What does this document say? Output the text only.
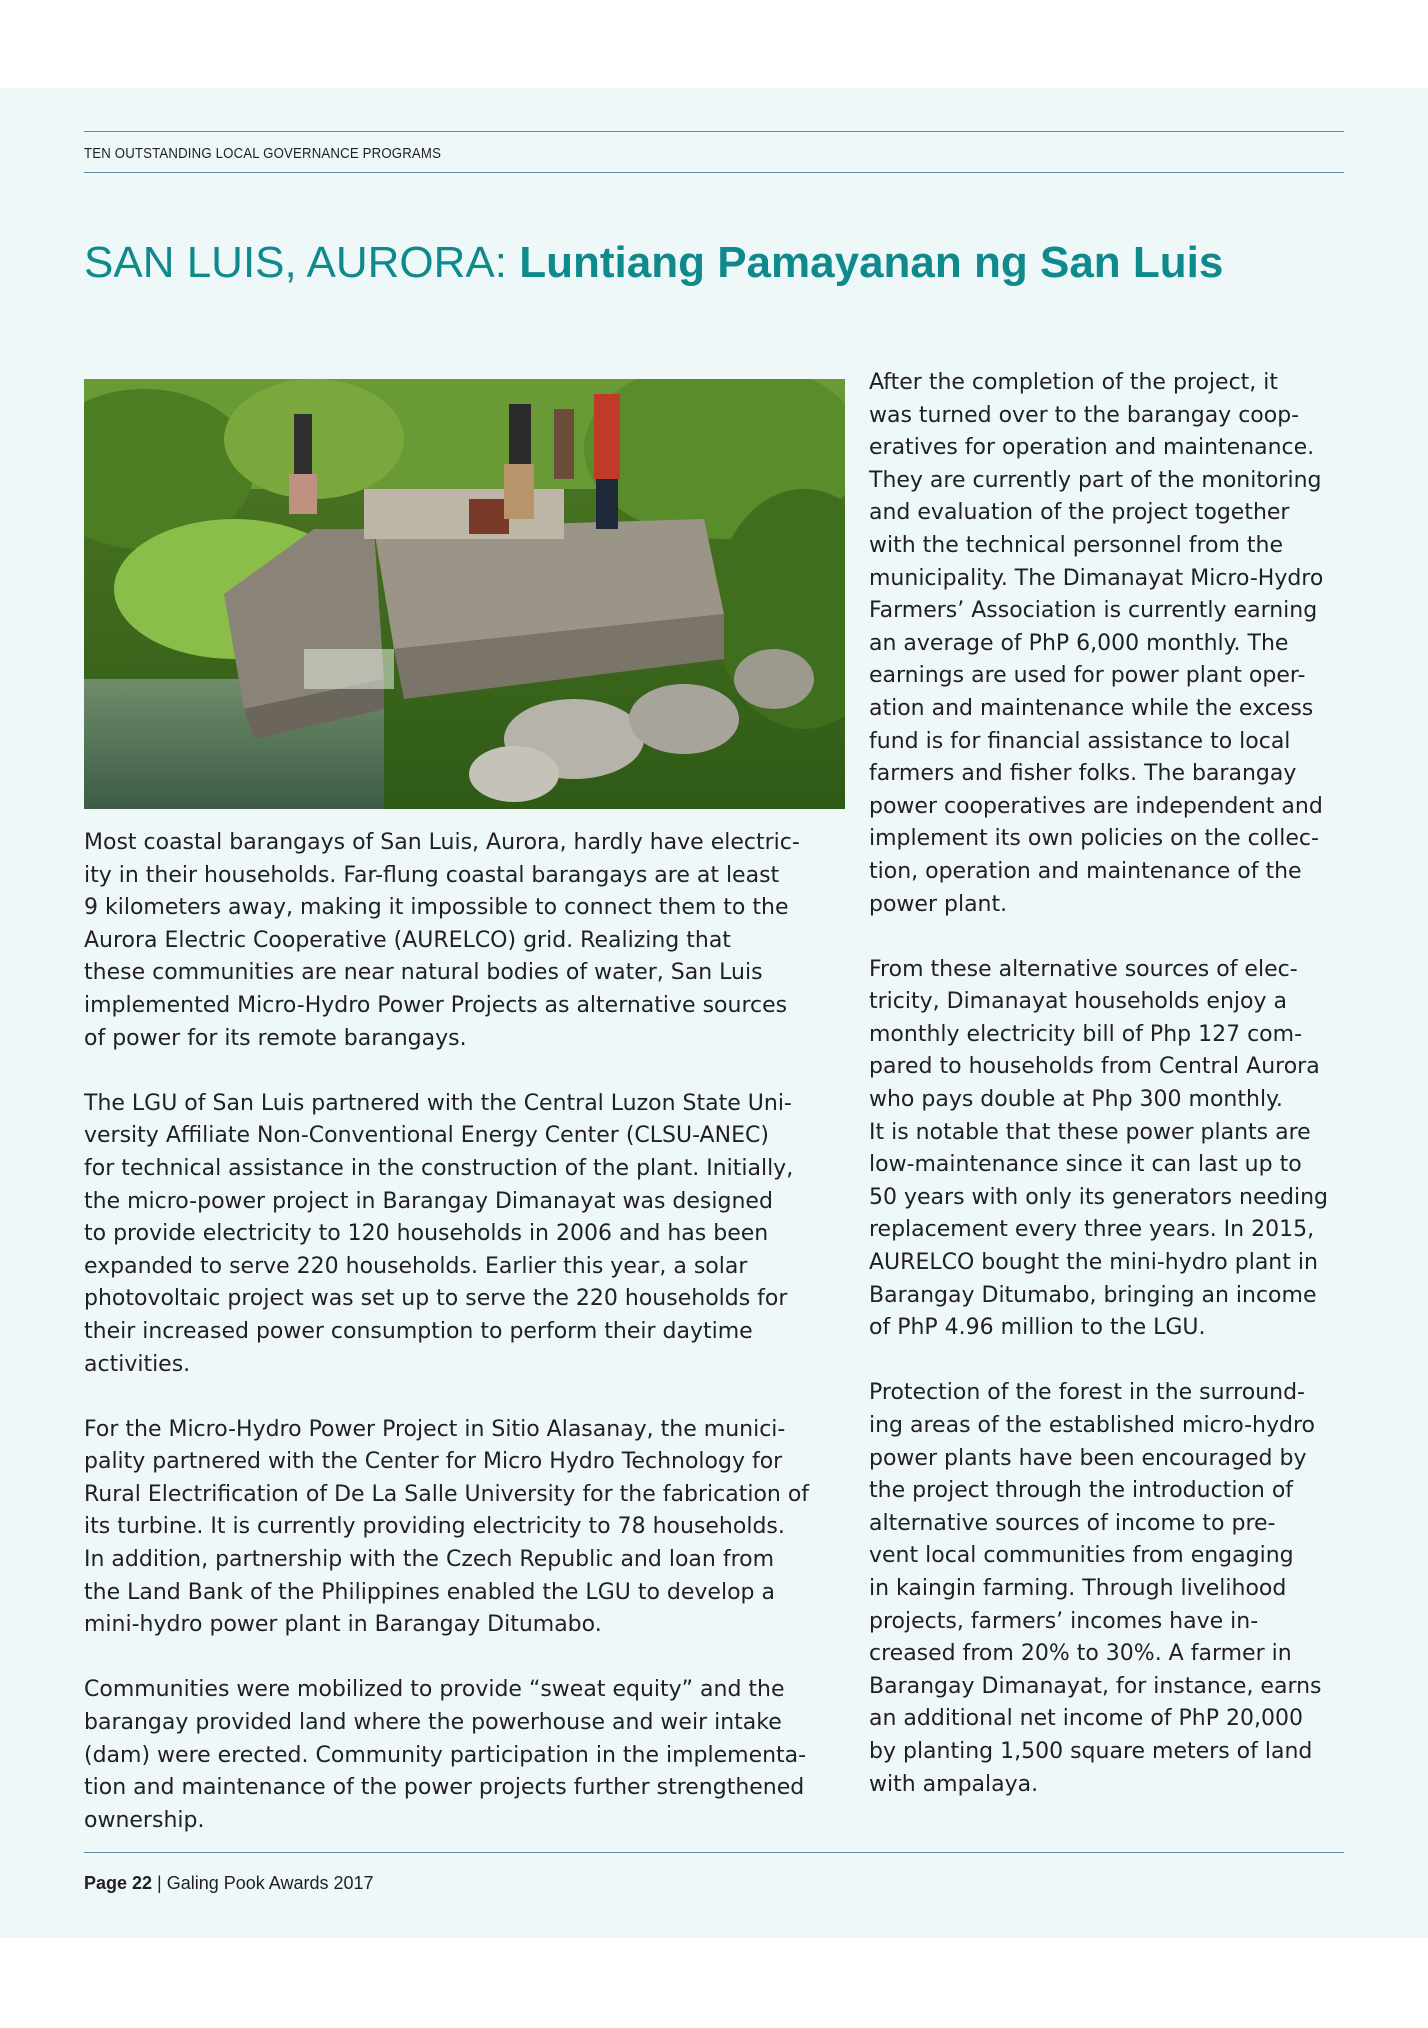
TEN OUTSTANDING LOCAL GOVERNANCE PROGRAMS
SAN LUIS, AURORA: Luntiang Pamayanan ng San Luis

Most coastal barangays of San Luis, Aurora, hardly have electric-
ity in their households. Far-flung coastal barangays are at least
9 kilometers away, making it impossible to connect them to the
Aurora Electric Cooperative (AURELCO) grid. Realizing that
these communities are near natural bodies of water, San Luis
implemented Micro-Hydro Power Projects as alternative sources
of power for its remote barangays.

The LGU of San Luis partnered with the Central Luzon State Uni-
versity Affiliate Non-Conventional Energy Center (CLSU-ANEC)
for technical assistance in the construction of the plant. Initially,
the micro-power project in Barangay Dimanayat was designed
to provide electricity to 120 households in 2006 and has been
expanded to serve 220 households. Earlier this year, a solar
photovoltaic project was set up to serve the 220 households for
their increased power consumption to perform their daytime
activities.

For the Micro-Hydro Power Project in Sitio Alasanay, the munici-
pality partnered with the Center for Micro Hydro Technology for
Rural Electrification of De La Salle University for the fabrication of
its turbine. It is currently providing electricity to 78 households.
In addition, partnership with the Czech Republic and loan from
the Land Bank of the Philippines enabled the LGU to develop a
mini-hydro power plant in Barangay Ditumabo.

Communities were mobilized to provide “sweat equity” and the
barangay provided land where the powerhouse and weir intake
(dam) were erected. Community participation in the implementa-
tion and maintenance of the power projects further strengthened
ownership.

After the completion of the project, it
was turned over to the barangay coop-
eratives for operation and maintenance.
They are currently part of the monitoring
and evaluation of the project together
with the technical personnel from the
municipality. The Dimanayat Micro-Hydro
Farmers’ Association is currently earning
an average of PhP 6,000 monthly. The
earnings are used for power plant oper-
ation and maintenance while the excess
fund is for financial assistance to local
farmers and fisher folks. The barangay
power cooperatives are independent and
implement its own policies on the collec-
tion, operation and maintenance of the
power plant.

From these alternative sources of elec-
tricity, Dimanayat households enjoy a
monthly electricity bill of Php 127 com-
pared to households from Central Aurora
who pays double at Php 300 monthly.
It is notable that these power plants are
low-maintenance since it can last up to
50 years with only its generators needing
replacement every three years. In 2015,
AURELCO bought the mini-hydro plant in
Barangay Ditumabo, bringing an income
of PhP 4.96 million to the LGU.

Protection of the forest in the surround-
ing areas of the established micro-hydro
power plants have been encouraged by
the project through the introduction of
alternative sources of income to pre-
vent local communities from engaging
in kaingin farming. Through livelihood
projects, farmers’ incomes have in-
creased from 20% to 30%. A farmer in
Barangay Dimanayat, for instance, earns
an additional net income of PhP 20,000
by planting 1,500 square meters of land
with ampalaya.

Page 22 | Galing Pook Awards 2017
